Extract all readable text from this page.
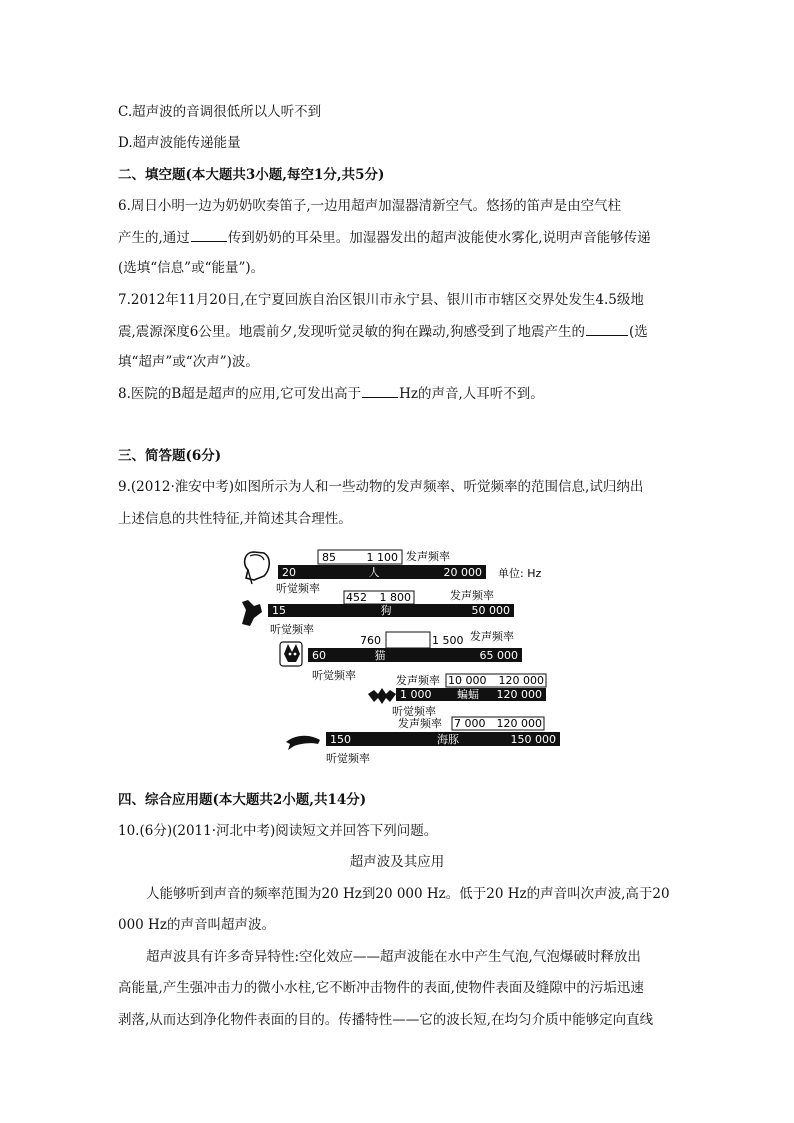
C.超声波的音调很低所以人听不到
D.超声波能传递能量
二、填空题(本大题共3小题,每空1分,共5分)
6.周日小明一边为奶奶吹奏笛子,一边用超声加湿器清新空气。悠扬的笛声是由空气柱
产生的,通过	传到奶奶的耳朵里。加湿器发出的超声波能使水雾化,说明声音能够传递
(选填“信息”或“能量”)。
7.2012年11月20日,在宁夏回族自治区银川市永宁县、银川市市辖区交界处发生4.5级地
震,震源深度6公里。地震前夕,发现听觉灵敏的狗在躁动,狗感受到了地震产生的	(选
填“超声”或“次声”)波。
8.医院的B超是超声的应用,它可发出高于	Hz的声音,人耳听不到。
三、简答题(6分)
9.(2012·淮安中考)如图所示为人和一些动物的发声频率、听觉频率的范围信息,试归纳出
上述信息的共性特征,并简述其合理性。
85	1 100 发声频率
20	人	20 000 单位: Hz
听觉频率
452 1 800	发声频率
15	狗	50 000
听觉频率
760	1 500 发声频率
60	猫	65 000
听觉频率	发声频率 10 000 120 000
1 000 蝙蝠 120 000
听觉频率
发声频率 7 000 120 000
150	海豚	150 000
听觉频率
四、综合应用题(本大题共2小题,共14分)
10.(6分)(2011·河北中考)阅读短文并回答下列问题。
超声波及其应用
人能够听到声音的频率范围为20 Hz到20 000 Hz。低于20 Hz的声音叫次声波,高于20
000 Hz的声音叫超声波。
超声波具有许多奇异特性:空化效应——超声波能在水中产生气泡,气泡爆破时释放出
高能量,产生强冲击力的微小水柱,它不断冲击物件的表面,使物件表面及缝隙中的污垢迅速
剥落,从而达到净化物件表面的目的。传播特性——它的波长短,在均匀介质中能够定向直线
